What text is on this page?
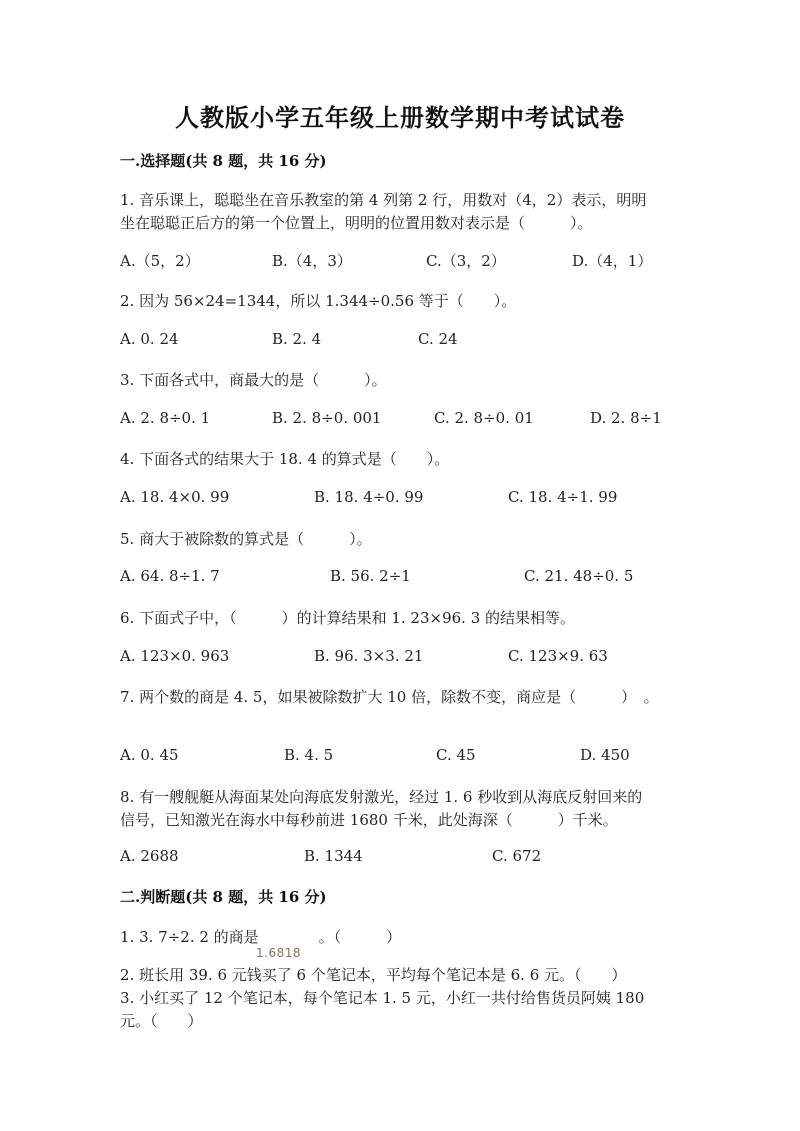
人教版小学五年级上册数学期中考试试卷
一.选择题(共 8 题，共 16 分)
1. 音乐课上，聪聪坐在音乐教室的第 4 列第 2 行，用数对（4，2）表示，明明
坐在聪聪正后方的第一个位置上，明明的位置用数对表示是（　　　）。
A.（5，2）	B.（4，3）	C.（3，2）	D.（4，1）
2. 因为 56×24=1344，所以 1.344÷0.56 等于（　　）。
A. 0. 24	B. 2. 4	C. 24
3. 下面各式中，商最大的是（　　　）。
A. 2. 8÷0. 1	B. 2. 8÷0. 001	C. 2. 8÷0. 01	D. 2. 8÷1
4. 下面各式的结果大于 18. 4 的算式是（　　）。
A. 18. 4×0. 99	B. 18. 4÷0. 99	C. 18. 4÷1. 99
5. 商大于被除数的算式是（　　　）。
A. 64. 8÷1. 7	B. 56. 2÷1	C. 21. 48÷0. 5
6. 下面式子中，（　　　）的计算结果和 1. 23×96. 3 的结果相等。
A. 123×0. 963	B. 96. 3×3. 21	C. 123×9. 63
7. 两个数的商是 4. 5，如果被除数扩大 10 倍，除数不变，商应是（　　　）　。
A. 0. 45	B. 4. 5	C. 45	D. 450
8. 有一艘舰艇从海面某处向海底发射激光，经过 1. 6 秒收到从海底反射回来的
信号，已知激光在海水中每秒前进 1680 千米，此处海深（　　　）千米。
A. 2688	B. 1344	C. 672
二.判断题(共 8 题，共 16 分)
1. 3. 7÷2. 2 的商是　　　　。（　　　）
1.6818
2. 班长用 39. 6 元钱买了 6 个笔记本，平均每个笔记本是 6. 6 元。（　　）
3. 小红买了 12 个笔记本，每个笔记本 1. 5 元，小红一共付给售货员阿姨 180
元。（　　）
